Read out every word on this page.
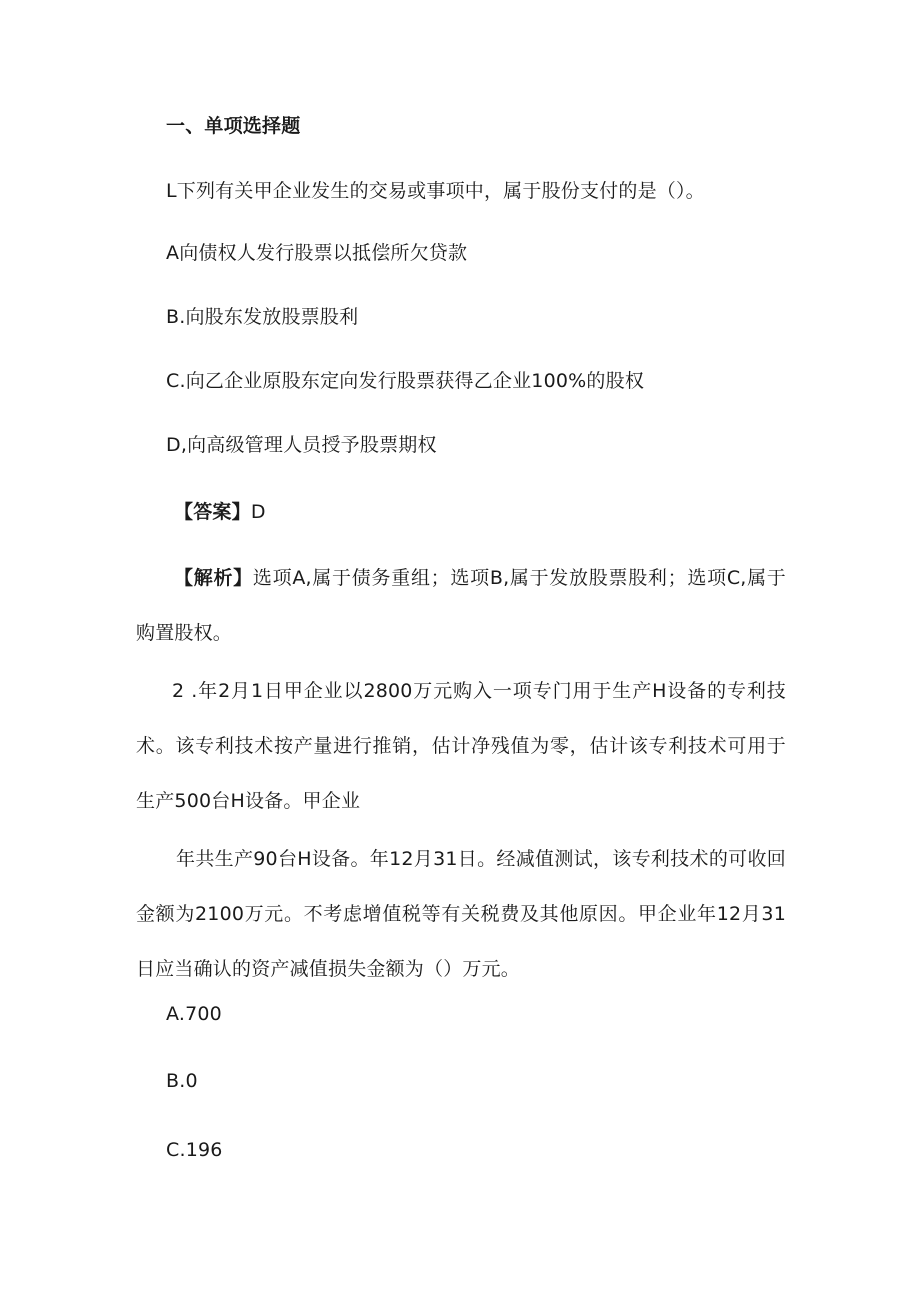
一、单项选择题
L下列有关甲企业发生的交易或事项中，属于股份支付的是（）。
A向债权人发行股票以抵偿所欠贷款
B.向股东发放股票股利
C.向乙企业原股东定向发行股票获得乙企业100%的股权
D,向高级管理人员授予股票期权
【答案】D
【解析】选项A,属于债务重组；选项B,属于发放股票股利；选项C,属于购置股权。
2 .年2月1日甲企业以2800万元购入一项专门用于生产H设备的专利技术。该专利技术按产量进行推销，估计净残值为零，估计该专利技术可用于生产500台H设备。甲企业
年共生产90台H设备。年12月31日。经减值测试，该专利技术的可收回金额为2100万元。不考虑增值税等有关税费及其他原因。甲企业年12月31日应当确认的资产减值损失金额为（）万元。
A.700
B.0
C.196
